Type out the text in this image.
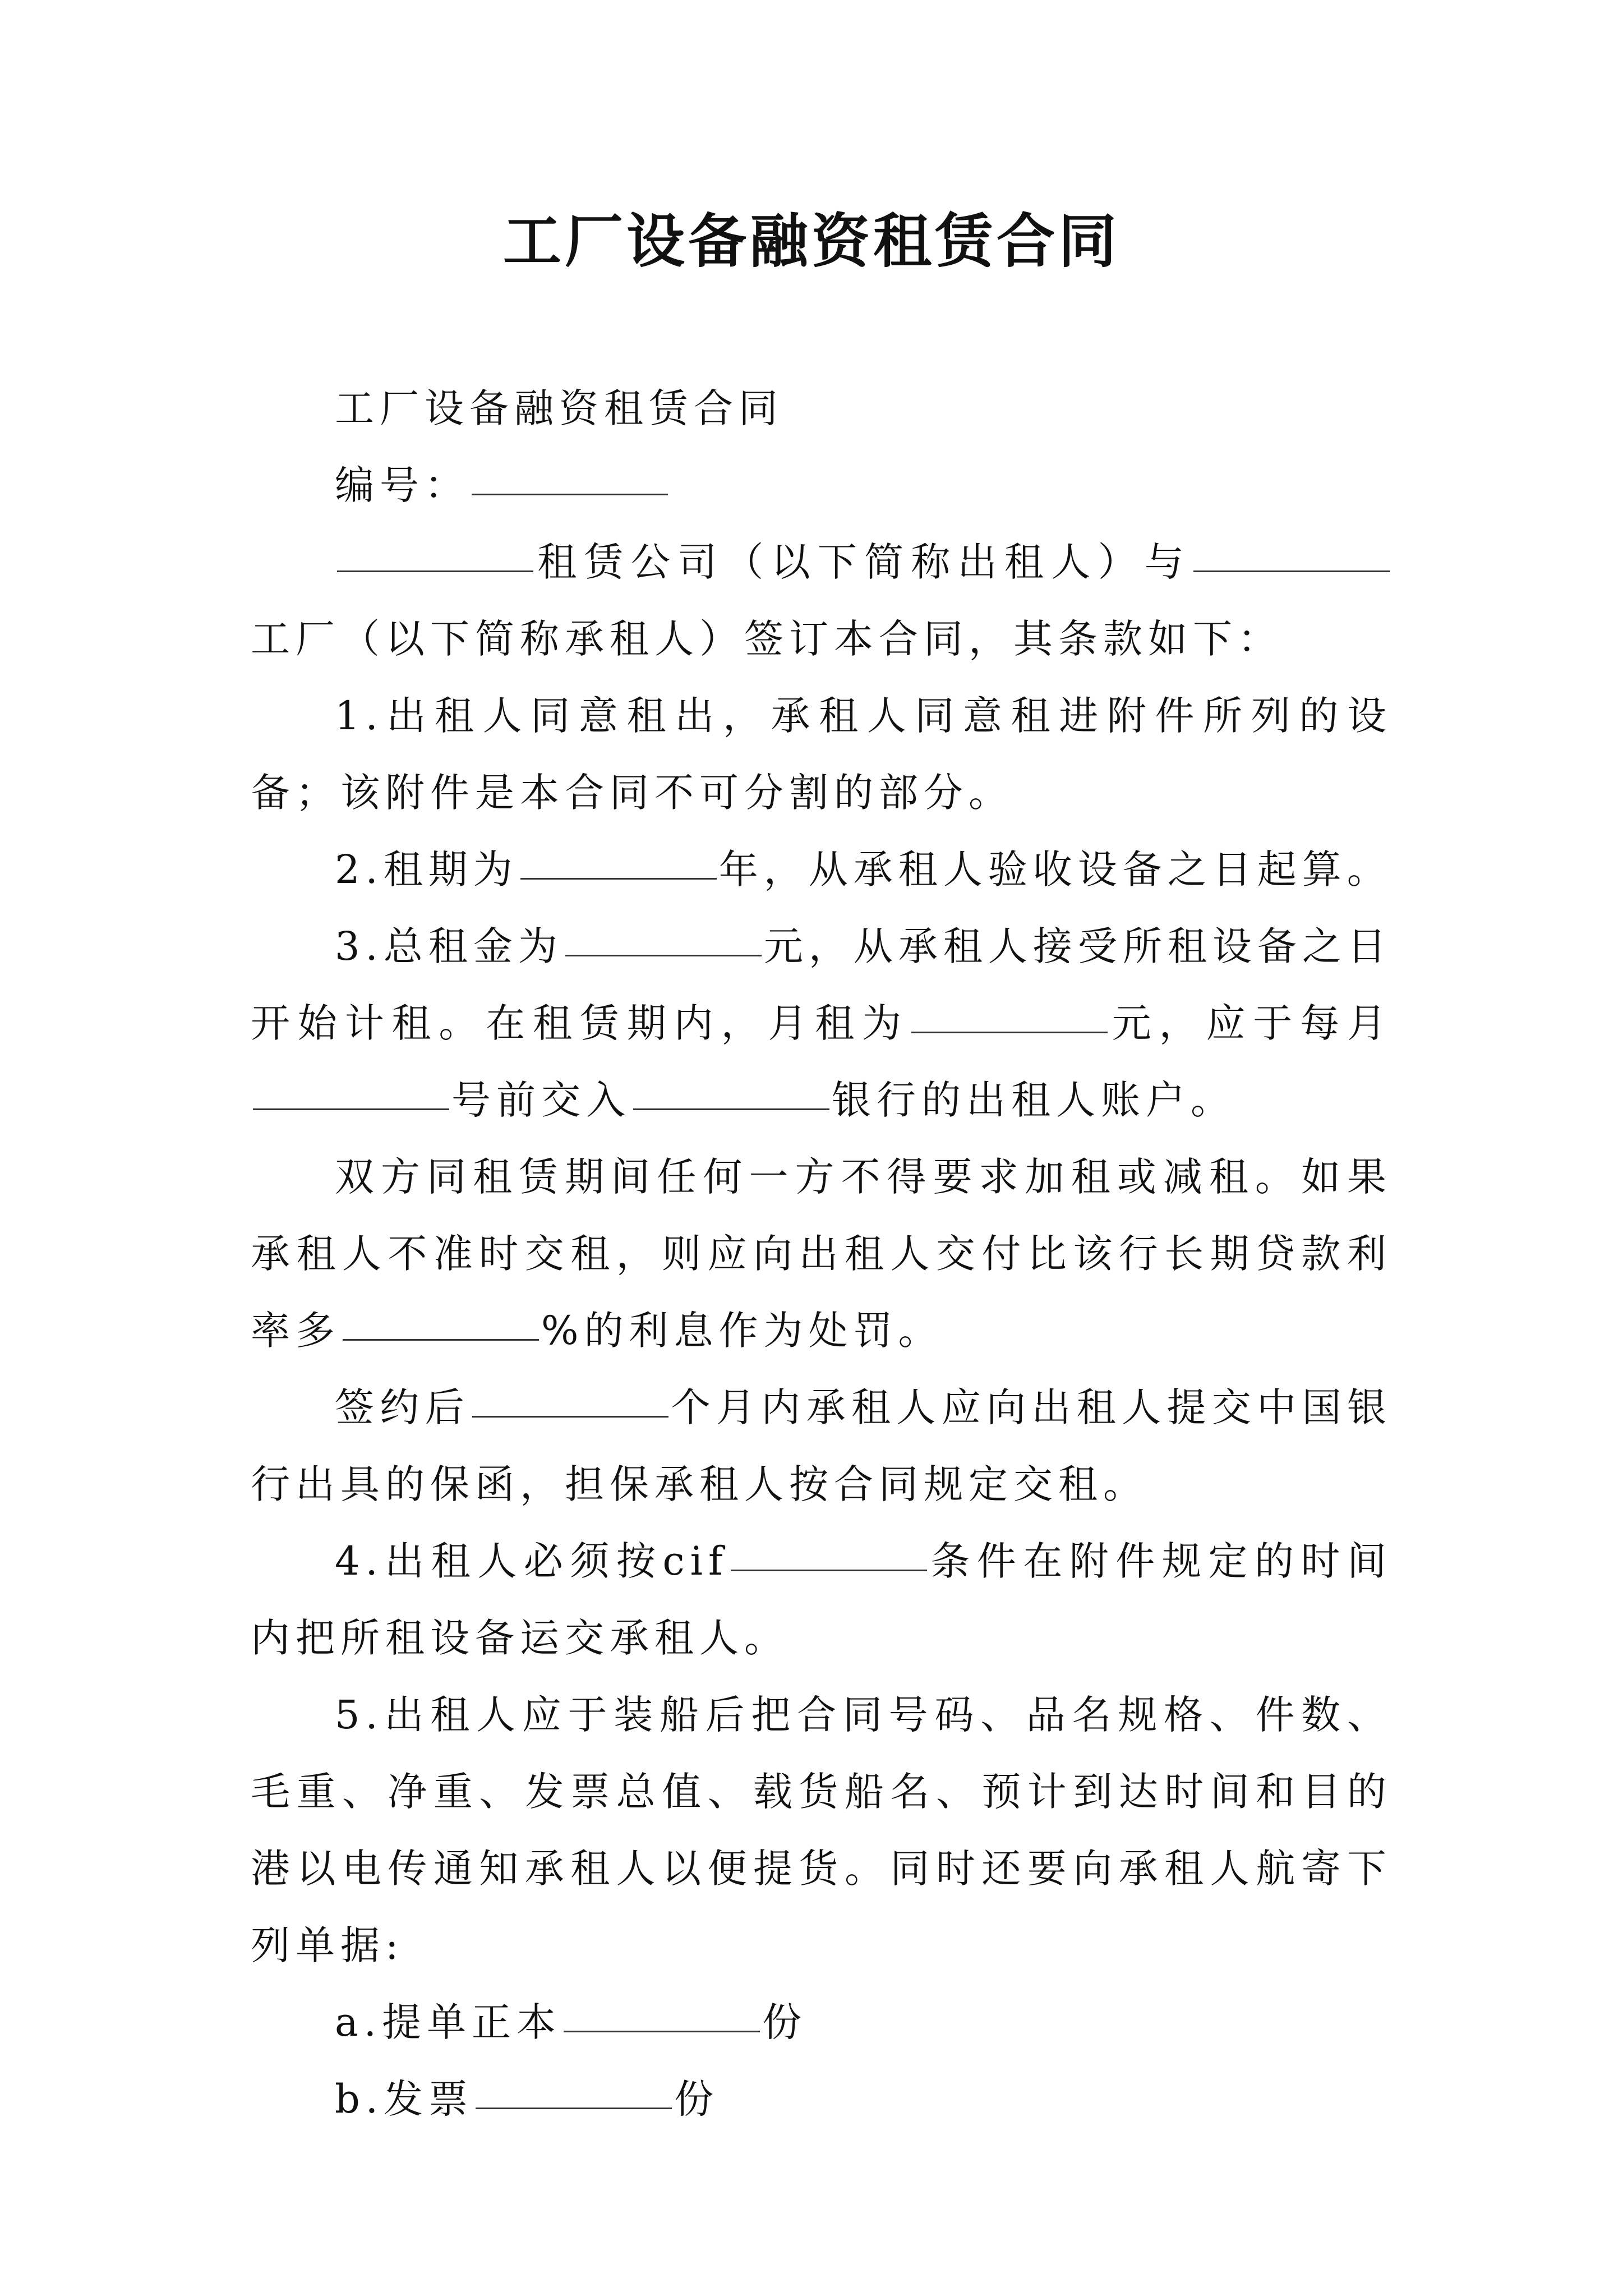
工厂设备融资租赁合同

工厂设备融资租赁合同

编号：

租赁公司（以下简称出租人）与工厂（以下简称承租人）签订本合同，其条款如下：

1.出租人同意租出，承租人同意租进附件所列的设备；该附件是本合同不可分割的部分。

2.租期为	年，从承租人验收设备之日起算。

3.总租金为	元，从承租人接受所租设备之日开始计租。在租赁期内，月租为	元，应于每月号前交入	银行的出租人账户。

双方同租赁期间任何一方不得要求加租或减租。如果承租人不准时交租，则应向出租人交付比该行长期贷款利率多	%的利息作为处罚。

签约后	个月内承租人应向出租人提交中国银行出具的保函，担保承租人按合同规定交租。

4.出租人必须按cif	条件在附件规定的时间内把所租设备运交承租人。

5.出租人应于装船后把合同号码、品名规格、件数、毛重、净重、发票总值、载货船名、预计到达时间和目的港以电传通知承租人以便提货。同时还要向承租人航寄下列单据:

a.提单正本	份

b.发票	份
